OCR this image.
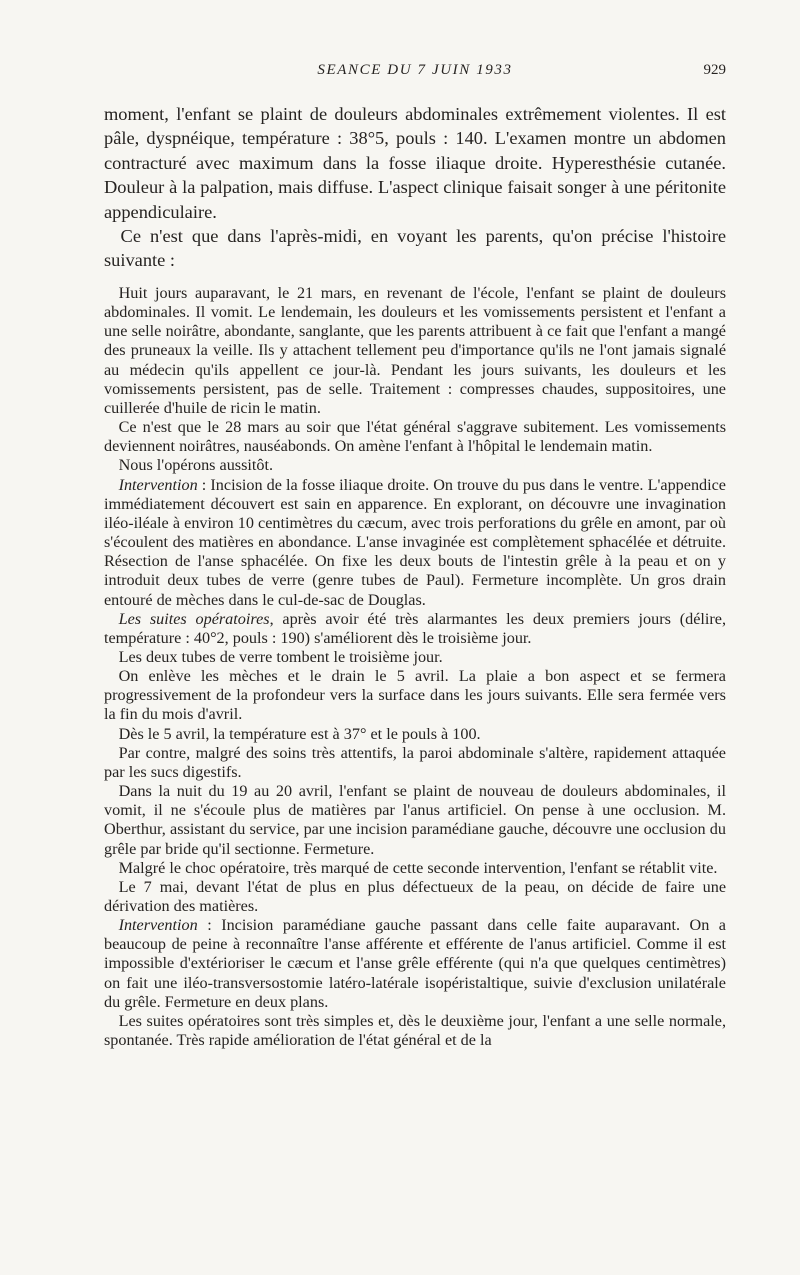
SEANCE DU 7 JUIN 1933	929

moment, l'enfant se plaint de douleurs abdominales extrêmement violentes. Il est pâle, dyspnéique, température : 38°5, pouls : 140. L'examen montre un abdomen contracturé avec maximum dans la fosse iliaque droite. Hyperesthésie cutanée. Douleur à la palpation, mais diffuse. L'aspect clinique faisait songer à une péritonite appendiculaire.

Ce n'est que dans l'après-midi, en voyant les parents, qu'on précise l'histoire suivante :

Huit jours auparavant, le 21 mars, en revenant de l'école, l'enfant se plaint de douleurs abdominales. Il vomit. Le lendemain, les douleurs et les vomissements persistent et l'enfant a une selle noirâtre, abondante, sanglante, que les parents attribuent à ce fait que l'enfant a mangé des pruneaux la veille. Ils y attachent tellement peu d'importance qu'ils ne l'ont jamais signalé au médecin qu'ils appellent ce jour-là. Pendant les jours suivants, les douleurs et les vomissements persistent, pas de selle. Traitement : compresses chaudes, suppositoires, une cuillerée d'huile de ricin le matin.

Ce n'est que le 28 mars au soir que l'état général s'aggrave subitement. Les vomissements deviennent noirâtres, nauséabonds. On amène l'enfant à l'hôpital le lendemain matin.

Nous l'opérons aussitôt.

Intervention : Incision de la fosse iliaque droite. On trouve du pus dans le ventre. L'appendice immédiatement découvert est sain en apparence. En explorant, on découvre une invagination iléo-iléale à environ 10 centimètres du cæcum, avec trois perforations du grêle en amont, par où s'écoulent des matières en abondance. L'anse invaginée est complètement sphacélée et détruite. Résection de l'anse sphacélée. On fixe les deux bouts de l'intestin grêle à la peau et on y introduit deux tubes de verre (genre tubes de Paul). Fermeture incomplète. Un gros drain entouré de mèches dans le cul-de-sac de Douglas.

Les suites opératoires, après avoir été très alarmantes les deux premiers jours (délire, température : 40°2, pouls : 190) s'améliorent dès le troisième jour.

Les deux tubes de verre tombent le troisième jour.

On enlève les mèches et le drain le 5 avril. La plaie a bon aspect et se fermera progressivement de la profondeur vers la surface dans les jours suivants. Elle sera fermée vers la fin du mois d'avril.

Dès le 5 avril, la température est à 37° et le pouls à 100.

Par contre, malgré des soins très attentifs, la paroi abdominale s'altère, rapidement attaquée par les sucs digestifs.

Dans la nuit du 19 au 20 avril, l'enfant se plaint de nouveau de douleurs abdominales, il vomit, il ne s'écoule plus de matières par l'anus artificiel. On pense à une occlusion. M. Oberthur, assistant du service, par une incision paramédiane gauche, découvre une occlusion du grêle par bride qu'il sectionne. Fermeture.

Malgré le choc opératoire, très marqué de cette seconde intervention, l'enfant se rétablit vite.

Le 7 mai, devant l'état de plus en plus défectueux de la peau, on décide de faire une dérivation des matières.

Intervention : Incision paramédiane gauche passant dans celle faite auparavant. On a beaucoup de peine à reconnaître l'anse afférente et efférente de l'anus artificiel. Comme il est impossible d'extérioriser le cæcum et l'anse grêle efférente (qui n'a que quelques centimètres) on fait une iléo-transversostomie latéro-latérale isopéristaltique, suivie d'exclusion unilatérale du grêle. Fermeture en deux plans.

Les suites opératoires sont très simples et, dès le deuxième jour, l'enfant a une selle normale, spontanée. Très rapide amélioration de l'état général et de la
